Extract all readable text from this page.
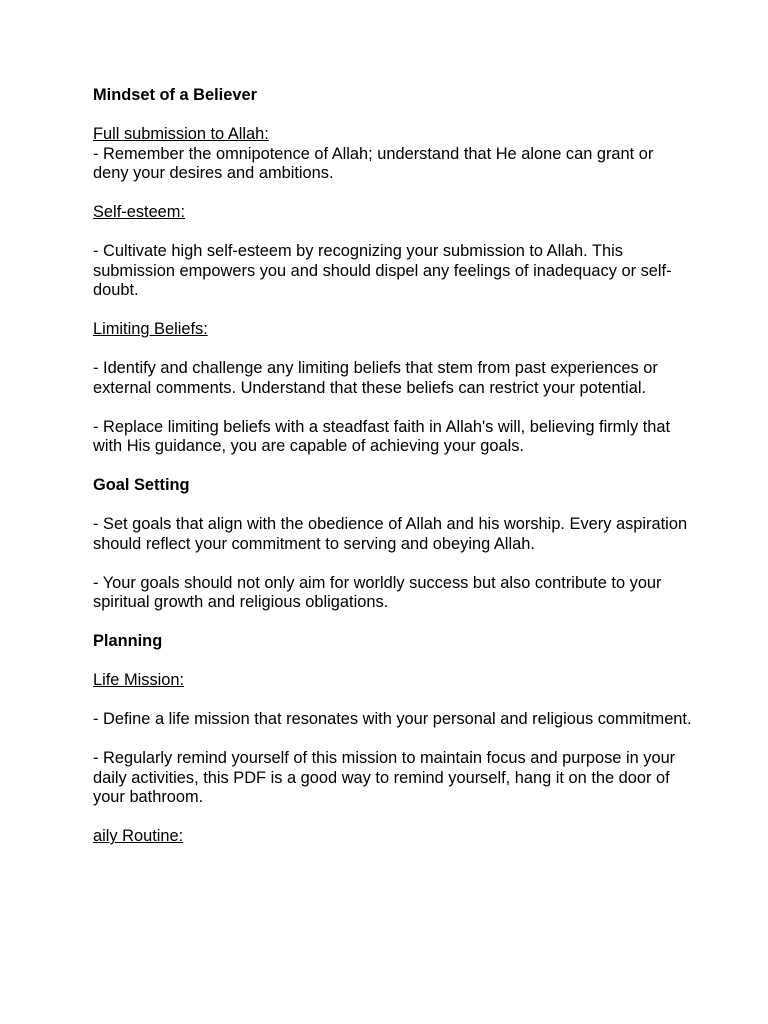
Mindset of a Believer

Full submission to Allah:

- Remember the omnipotence of Allah; understand that He alone can grant or deny your desires and ambitions.

Self-esteem:

- Cultivate high self-esteem by recognizing your submission to Allah. This submission empowers you and should dispel any feelings of inadequacy or self-doubt.

Limiting Beliefs:

- Identify and challenge any limiting beliefs that stem from past experiences or external comments. Understand that these beliefs can restrict your potential.

- Replace limiting beliefs with a steadfast faith in Allah's will, believing firmly that with His guidance, you are capable of achieving your goals.

Goal Setting

- Set goals that align with the obedience of Allah and his worship. Every aspiration should reflect your commitment to serving and obeying Allah.

- Your goals should not only aim for worldly success but also contribute to your spiritual growth and religious obligations.

Planning

Life Mission:

- Define a life mission that resonates with your personal and religious commitment.

- Regularly remind yourself of this mission to maintain focus and purpose in your daily activities, this PDF is a good way to remind yourself, hang it on the door of your bathroom.

aily Routine:
